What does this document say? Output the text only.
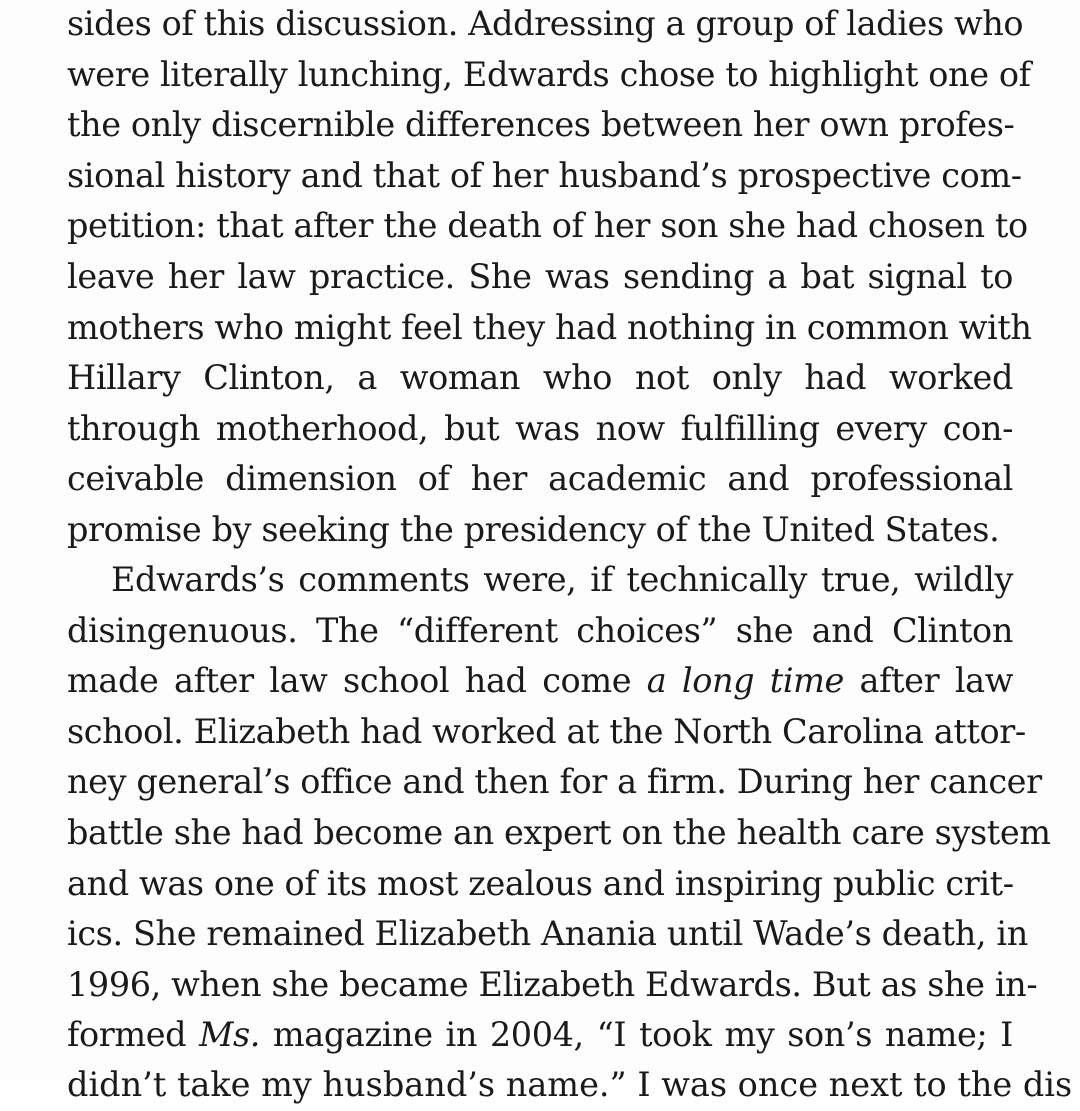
sides of this discussion. Addressing a group of ladies who
were literally lunching, Edwards chose to highlight one of
the only discernible differences between her own profes-
sional history and that of her husband’s prospective com-
petition: that after the death of her son she had chosen to
leave her law practice. She was sending a bat signal to
mothers who might feel they had nothing in common with
Hillary Clinton, a woman who not only had worked
through motherhood, but was now fulfilling every con-
ceivable dimension of her academic and professional
promise by seeking the presidency of the United States.
Edwards’s comments were, if technically true, wildly
disingenuous. The “different choices” she and Clinton
made after law school had come a long time after law
school. Elizabeth had worked at the North Carolina attor-
ney general’s office and then for a firm. During her cancer
battle she had become an expert on the health care system
and was one of its most zealous and inspiring public crit-
ics. She remained Elizabeth Anania until Wade’s death, in
1996, when she became Elizabeth Edwards. But as she in-
formed Ms. magazine in 2004, “I took my son’s name; I
didn’t take my husband’s name.” I was once next to the dis
